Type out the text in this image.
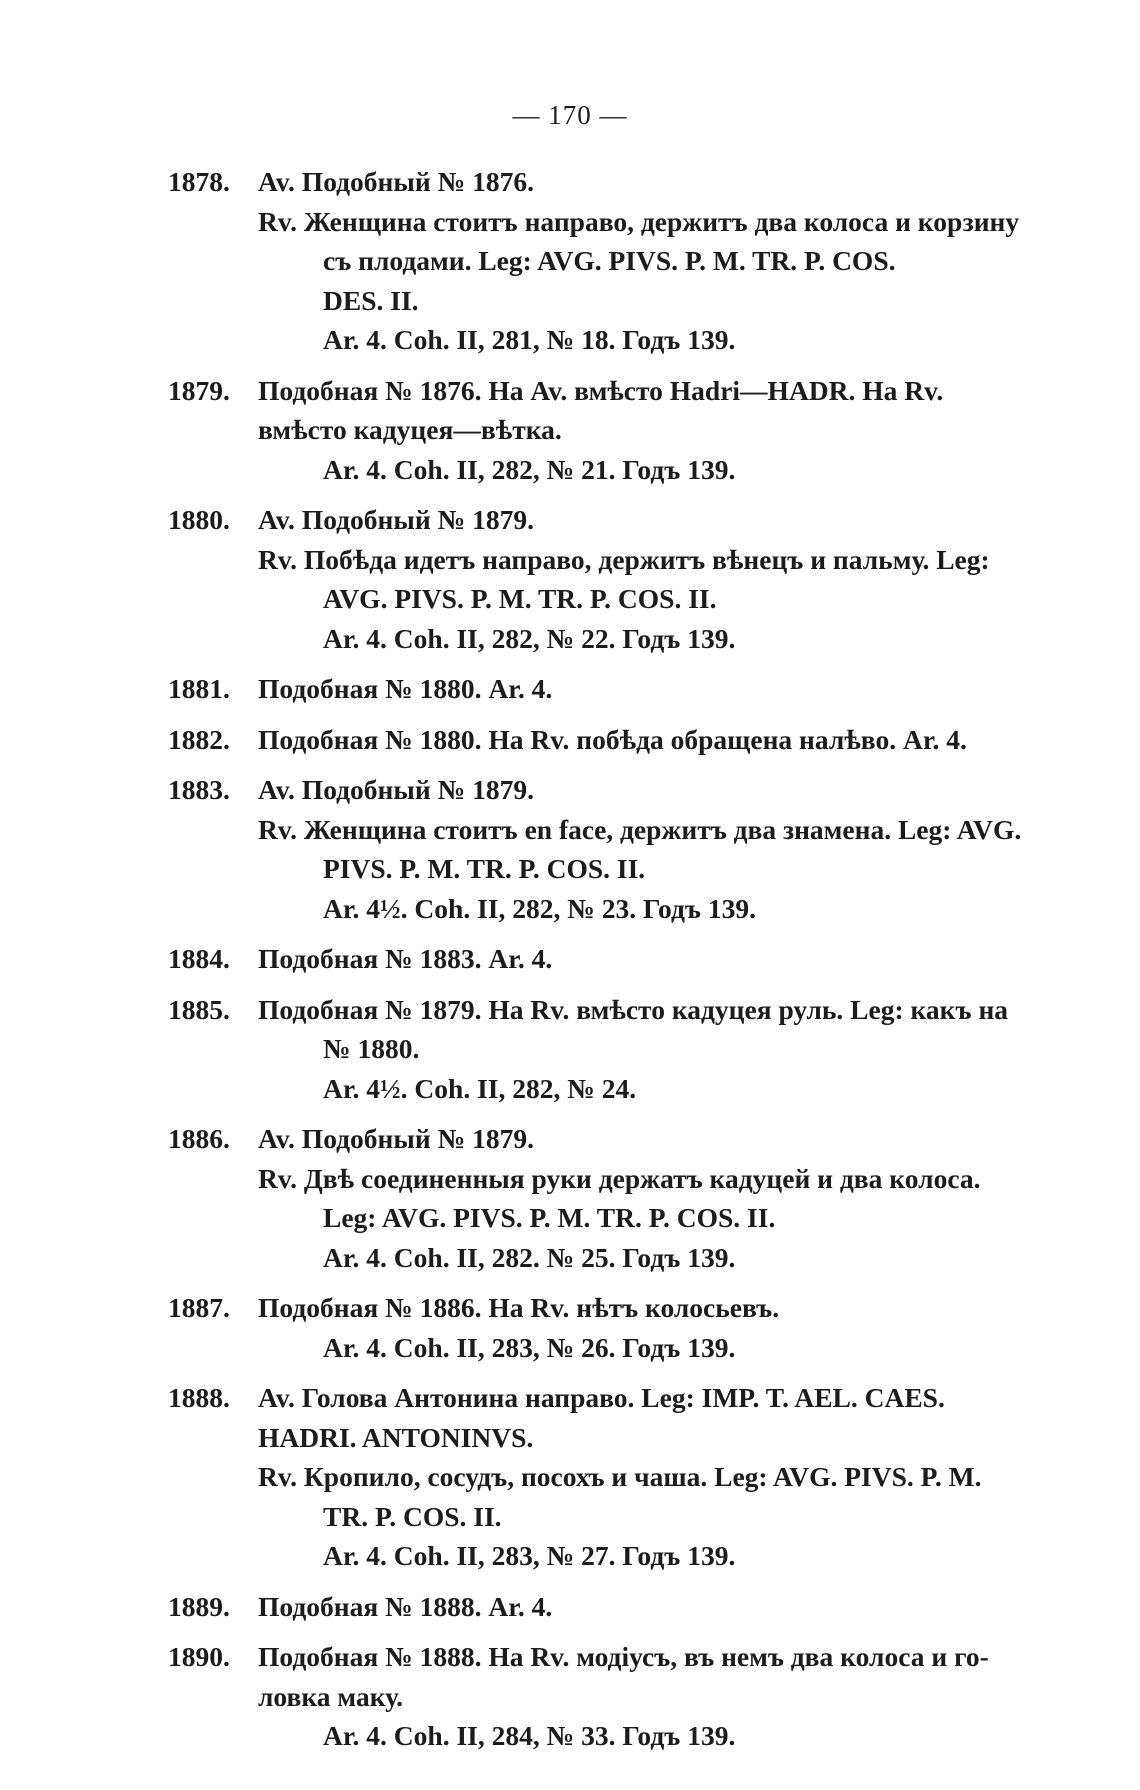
— 170 —
1878. Av. Подобный № 1876.
Rv. Женщина стоитъ направо, держитъ два колоса и корзину
съ плодами. Leg: AVG. PIVS. P. M. TR. P. COS.
DES. II.
Ar. 4. Coh. II, 281, № 18. Годъ 139.
1879. Подобная № 1876. На Av. вмѣсто Hadri—HADR. На Rv.
вмѣсто кадуцея—вѣтка.
Ar. 4. Coh. II, 282, № 21. Годъ 139.
1880. Av. Подобный № 1879.
Rv. Побѣда идетъ направо, держитъ вѣнецъ и пальму. Leg:
AVG. PIVS. P. M. TR. P. COS. II.
Ar. 4. Coh. II, 282, № 22. Годъ 139.
1881. Подобная № 1880. Ar. 4.
1882. Подобная № 1880. На Rv. побѣда обращена налѣво. Ar. 4.
1883. Av. Подобный № 1879.
Rv. Женщина стоитъ en face, держитъ два знамена. Leg: AVG.
PIVS. P. M. TR. P. COS. II.
Ar. 4½. Coh. II, 282, № 23. Годъ 139.
1884. Подобная № 1883. Ar. 4.
1885. Подобная № 1879. На Rv. вмѣсто кадуцея руль. Leg: какъ на
№ 1880.
Ar. 4½. Coh. II, 282, № 24.
1886. Av. Подобный № 1879.
Rv. Двѣ соединенныя руки держатъ кадуцей и два колоса.
Leg: AVG. PIVS. P. M. TR. P. COS. II.
Ar. 4. Coh. II, 282. № 25. Годъ 139.
1887. Подобная № 1886. На Rv. нѣтъ колосьевъ.
Ar. 4. Coh. II, 283, № 26. Годъ 139.
1888. Av. Голова Антонина направо. Leg: IMP. T. AEL. CAES.
HADRI. ANTONINVS.
Rv. Кропило, сосудъ, посохъ и чаша. Leg: AVG. PIVS. P. M.
TR. P. COS. II.
Ar. 4. Coh. II, 283, № 27. Годъ 139.
1889. Подобная № 1888. Ar. 4.
1890. Подобная № 1888. На Rv. модіусъ, въ немъ два колоса и го-
ловка маку.
Ar. 4. Coh. II, 284, № 33. Годъ 139.
